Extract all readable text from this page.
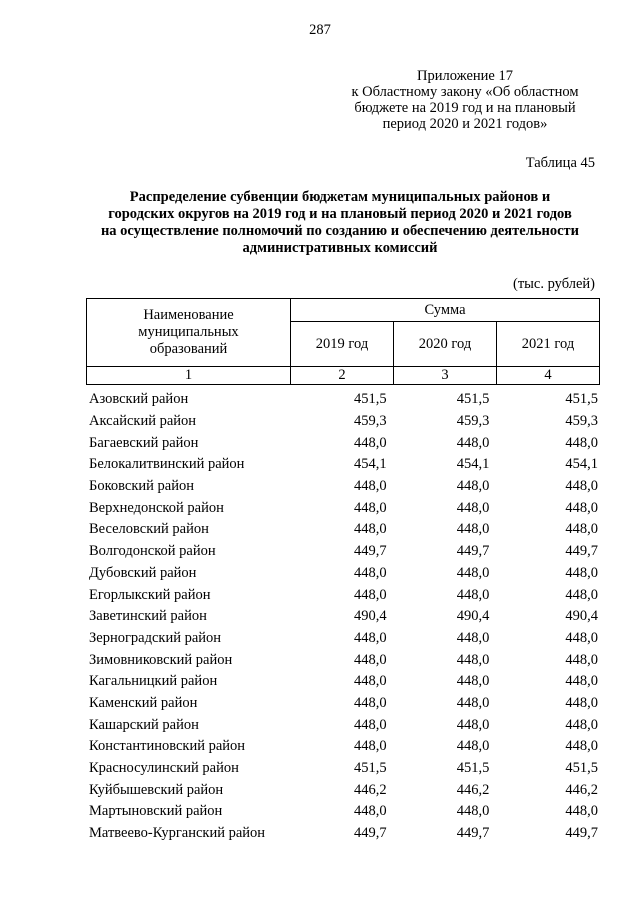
287
Приложение 17
к Областному закону «Об областном
бюджете на 2019 год и на плановый
период 2020 и 2021 годов»
Таблица 45
Распределение субвенции бюджетам муниципальных районов и
городских округов на 2019 год и на плановый период 2020 и 2021 годов
на осуществление полномочий по созданию и обеспечению деятельности
административных комиссий
(тыс. рублей)
Наименование
муниципальных
образований	Сумма		
	2019 год	2020 год	2021 год
1	2	3	4
Азовский район	451,5	451,5	451,5
Аксайский район	459,3	459,3	459,3
Багаевский район	448,0	448,0	448,0
Белокалитвинский район	454,1	454,1	454,1
Боковский район	448,0	448,0	448,0
Верхнедонской район	448,0	448,0	448,0
Веселовский район	448,0	448,0	448,0
Волгодонской район	449,7	449,7	449,7
Дубовский район	448,0	448,0	448,0
Егорлыкский район	448,0	448,0	448,0
Заветинский район	490,4	490,4	490,4
Зерноградский район	448,0	448,0	448,0
Зимовниковский район	448,0	448,0	448,0
Кагальницкий район	448,0	448,0	448,0
Каменский район	448,0	448,0	448,0
Кашарский район	448,0	448,0	448,0
Константиновский район	448,0	448,0	448,0
Красносулинский район	451,5	451,5	451,5
Куйбышевский район	446,2	446,2	446,2
Мартыновский район	448,0	448,0	448,0
Матвеево-Курганский район	449,7	449,7	449,7
